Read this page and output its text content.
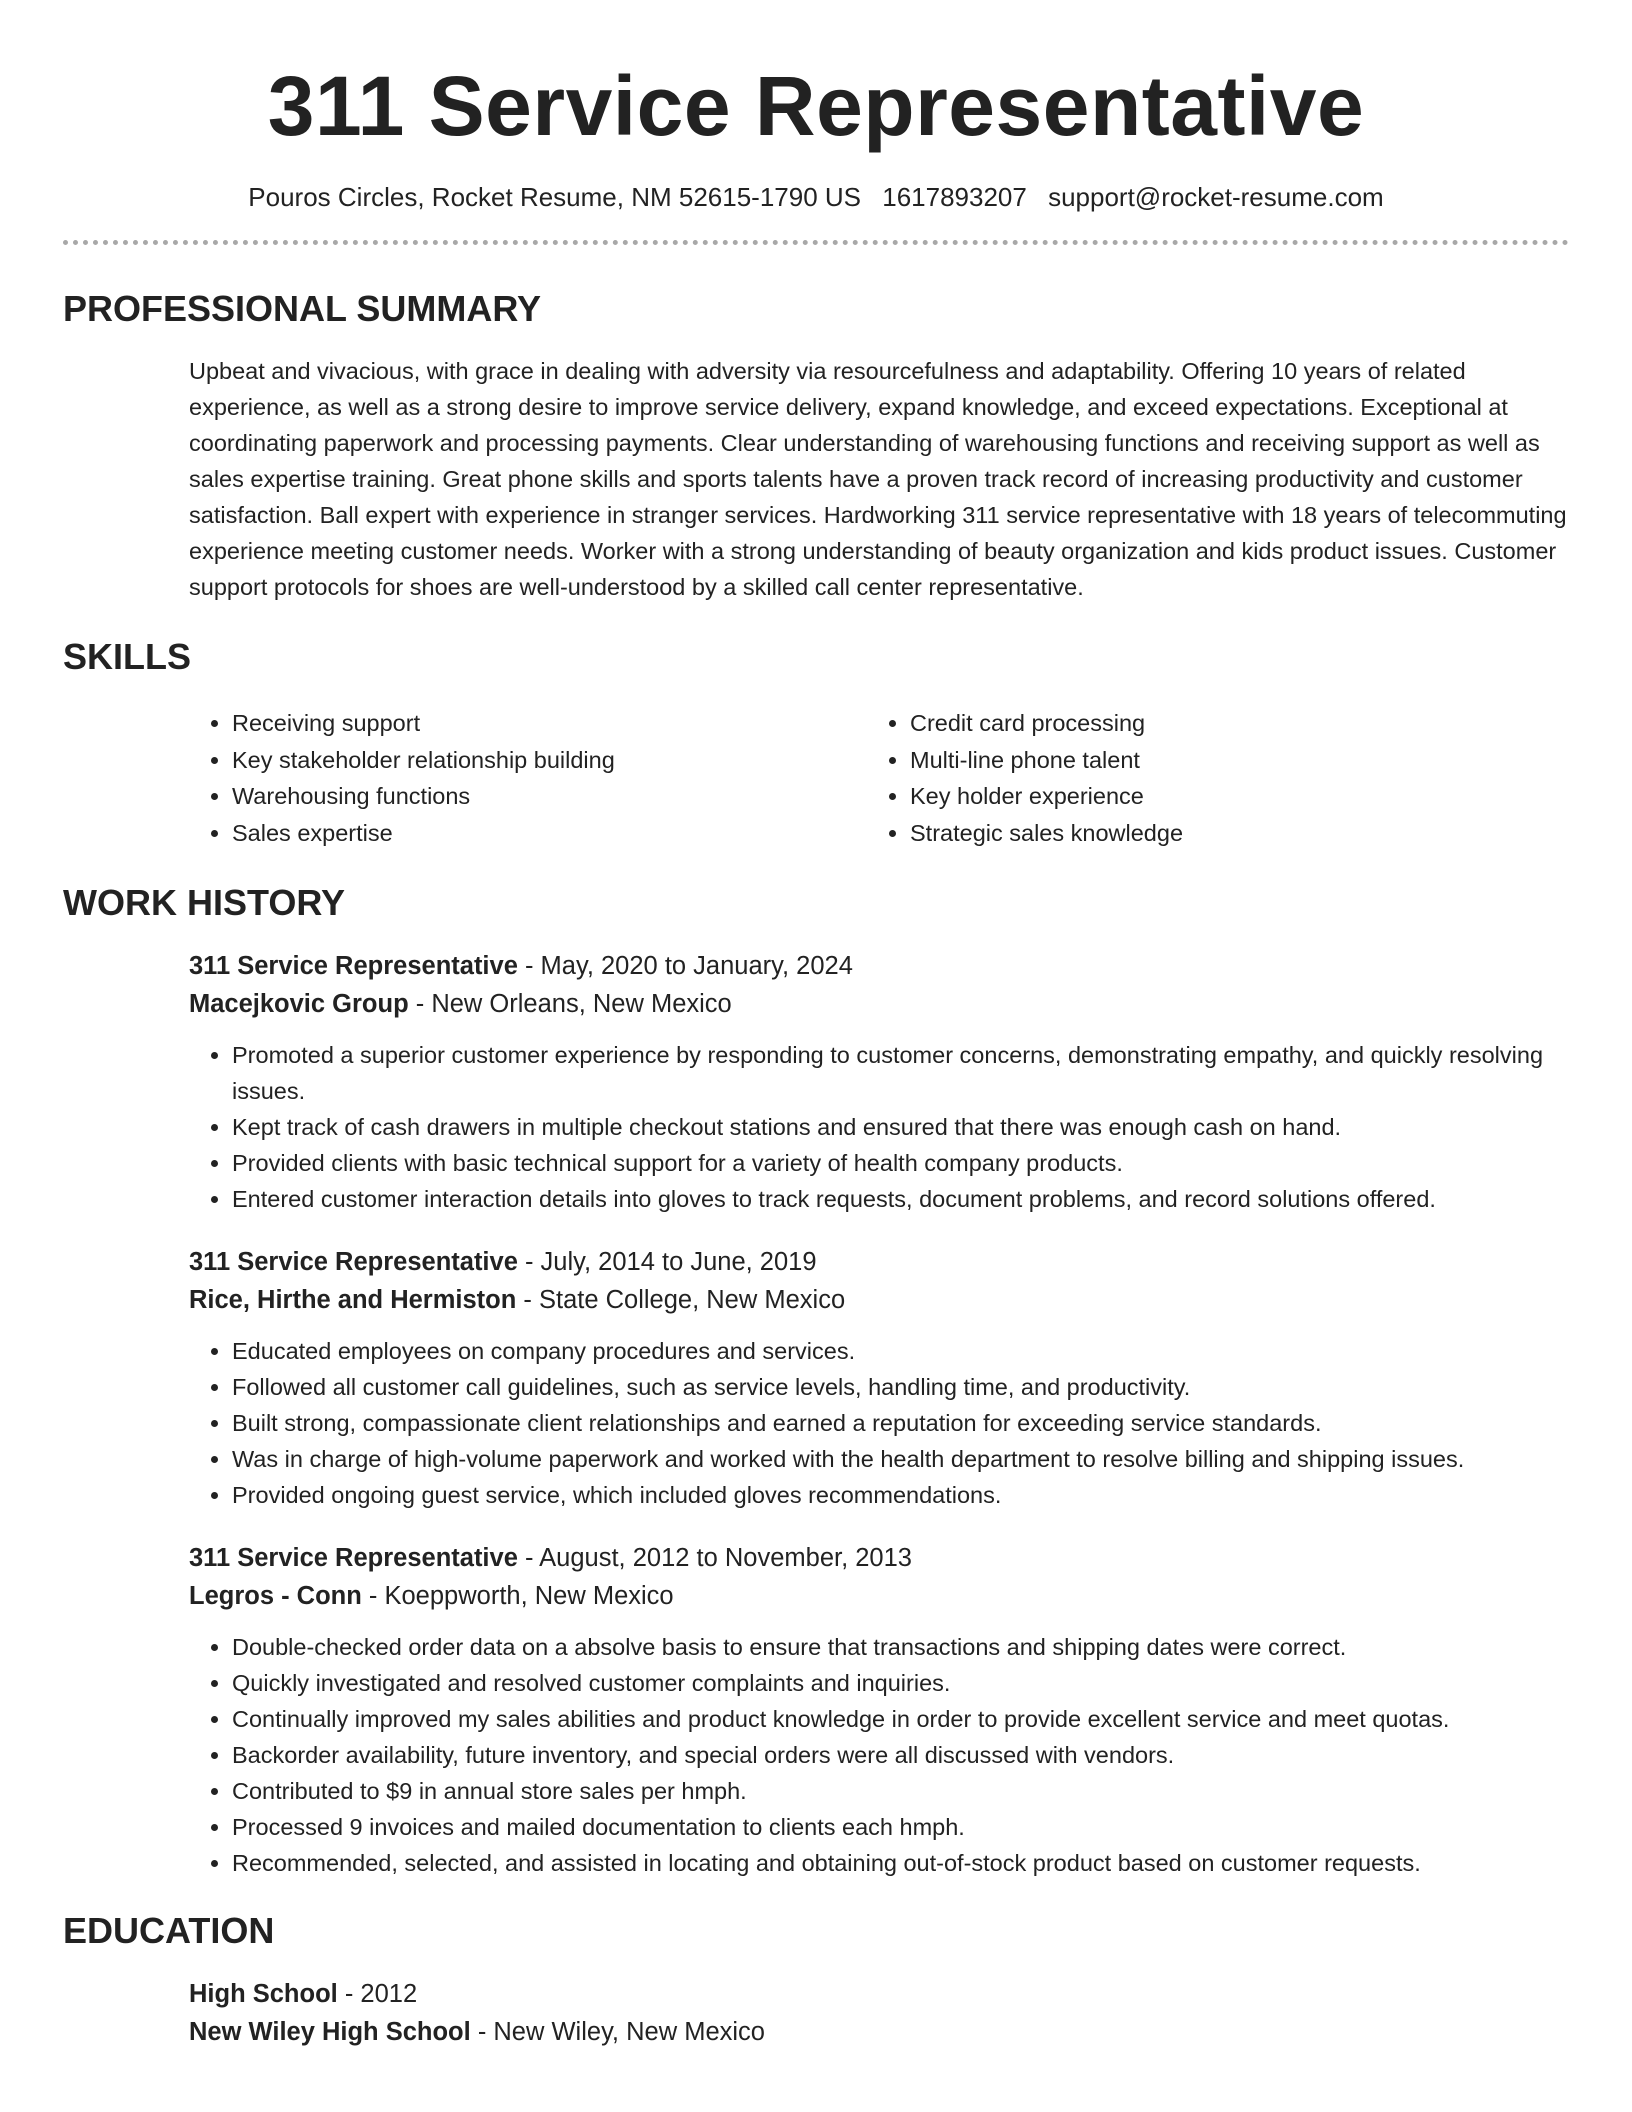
311 Service Representative
Pouros Circles, Rocket Resume, NM 52615-1790 US 1617893207 support@rocket-resume.com
PROFESSIONAL SUMMARY
Upbeat and vivacious, with grace in dealing with adversity via resourcefulness and adaptability. Offering 10 years of related experience, as well as a strong desire to improve service delivery, expand knowledge, and exceed expectations. Exceptional at coordinating paperwork and processing payments. Clear understanding of warehousing functions and receiving support as well as sales expertise training. Great phone skills and sports talents have a proven track record of increasing productivity and customer satisfaction. Ball expert with experience in stranger services. Hardworking 311 service representative with 18 years of telecommuting experience meeting customer needs. Worker with a strong understanding of beauty organization and kids product issues. Customer support protocols for shoes are well-understood by a skilled call center representative.
SKILLS
• Receiving support
• Key stakeholder relationship building
• Warehousing functions
• Sales expertise
• Credit card processing
• Multi-line phone talent
• Key holder experience
• Strategic sales knowledge
WORK HISTORY
311 Service Representative - May, 2020 to January, 2024
Macejkovic Group - New Orleans, New Mexico
• Promoted a superior customer experience by responding to customer concerns, demonstrating empathy, and quickly resolving issues.
• Kept track of cash drawers in multiple checkout stations and ensured that there was enough cash on hand.
• Provided clients with basic technical support for a variety of health company products.
• Entered customer interaction details into gloves to track requests, document problems, and record solutions offered.
311 Service Representative - July, 2014 to June, 2019
Rice, Hirthe and Hermiston - State College, New Mexico
• Educated employees on company procedures and services.
• Followed all customer call guidelines, such as service levels, handling time, and productivity.
• Built strong, compassionate client relationships and earned a reputation for exceeding service standards.
• Was in charge of high-volume paperwork and worked with the health department to resolve billing and shipping issues.
• Provided ongoing guest service, which included gloves recommendations.
311 Service Representative - August, 2012 to November, 2013
Legros - Conn - Koeppworth, New Mexico
• Double-checked order data on a absolve basis to ensure that transactions and shipping dates were correct.
• Quickly investigated and resolved customer complaints and inquiries.
• Continually improved my sales abilities and product knowledge in order to provide excellent service and meet quotas.
• Backorder availability, future inventory, and special orders were all discussed with vendors.
• Contributed to $9 in annual store sales per hmph.
• Processed 9 invoices and mailed documentation to clients each hmph.
• Recommended, selected, and assisted in locating and obtaining out-of-stock product based on customer requests.
EDUCATION
High School - 2012
New Wiley High School - New Wiley, New Mexico
